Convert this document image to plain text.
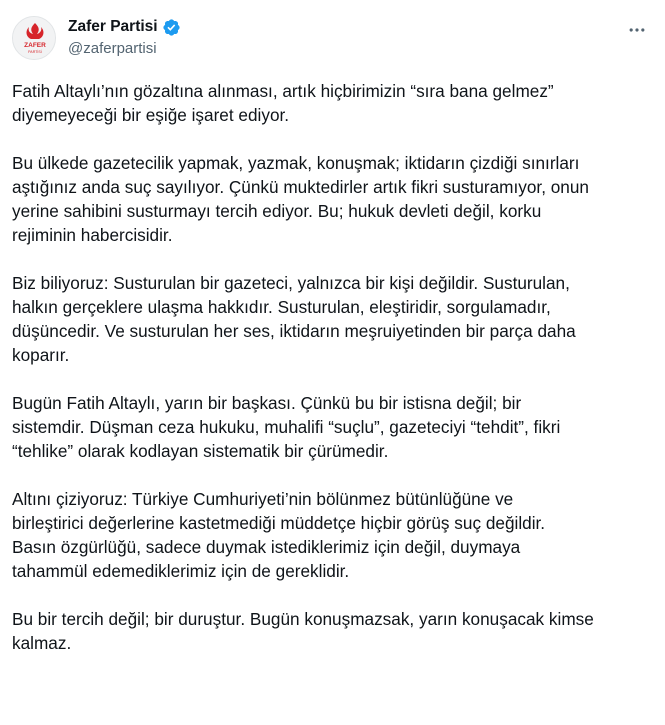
ZAFER
PARTİSİ
Zafer Partisi
@zaferpartisi

Fatih Altaylı’nın gözaltına alınması, artık hiçbirimizin “sıra bana gelmez”
diyemeyeceği bir eşiğe işaret ediyor.

Bu ülkede gazetecilik yapmak, yazmak, konuşmak; iktidarın çizdiği sınırları
aştığınız anda suç sayılıyor. Çünkü muktedirler artık fikri susturamıyor, onun
yerine sahibini susturmayı tercih ediyor. Bu; hukuk devleti değil, korku
rejiminin habercisidir.

Biz biliyoruz: Susturulan bir gazeteci, yalnızca bir kişi değildir. Susturulan,
halkın gerçeklere ulaşma hakkıdır. Susturulan, eleştiridir, sorgulamadır,
düşüncedir. Ve susturulan her ses, iktidarın meşruiyetinden bir parça daha
koparır.

Bugün Fatih Altaylı, yarın bir başkası. Çünkü bu bir istisna değil; bir
sistemdir. Düşman ceza hukuku, muhalifi “suçlu”, gazeteciyi “tehdit”, fikri
“tehlike” olarak kodlayan sistematik bir çürümedir.

Altını çiziyoruz: Türkiye Cumhuriyeti’nin bölünmez bütünlüğüne ve
birleştirici değerlerine kastetmediği müddetçe hiçbir görüş suç değildir.
Basın özgürlüğü, sadece duymak istediklerimiz için değil, duymaya
tahammül edemediklerimiz için de gereklidir.

Bu bir tercih değil; bir duruştur. Bugün konuşmazsak, yarın konuşacak kimse
kalmaz.
